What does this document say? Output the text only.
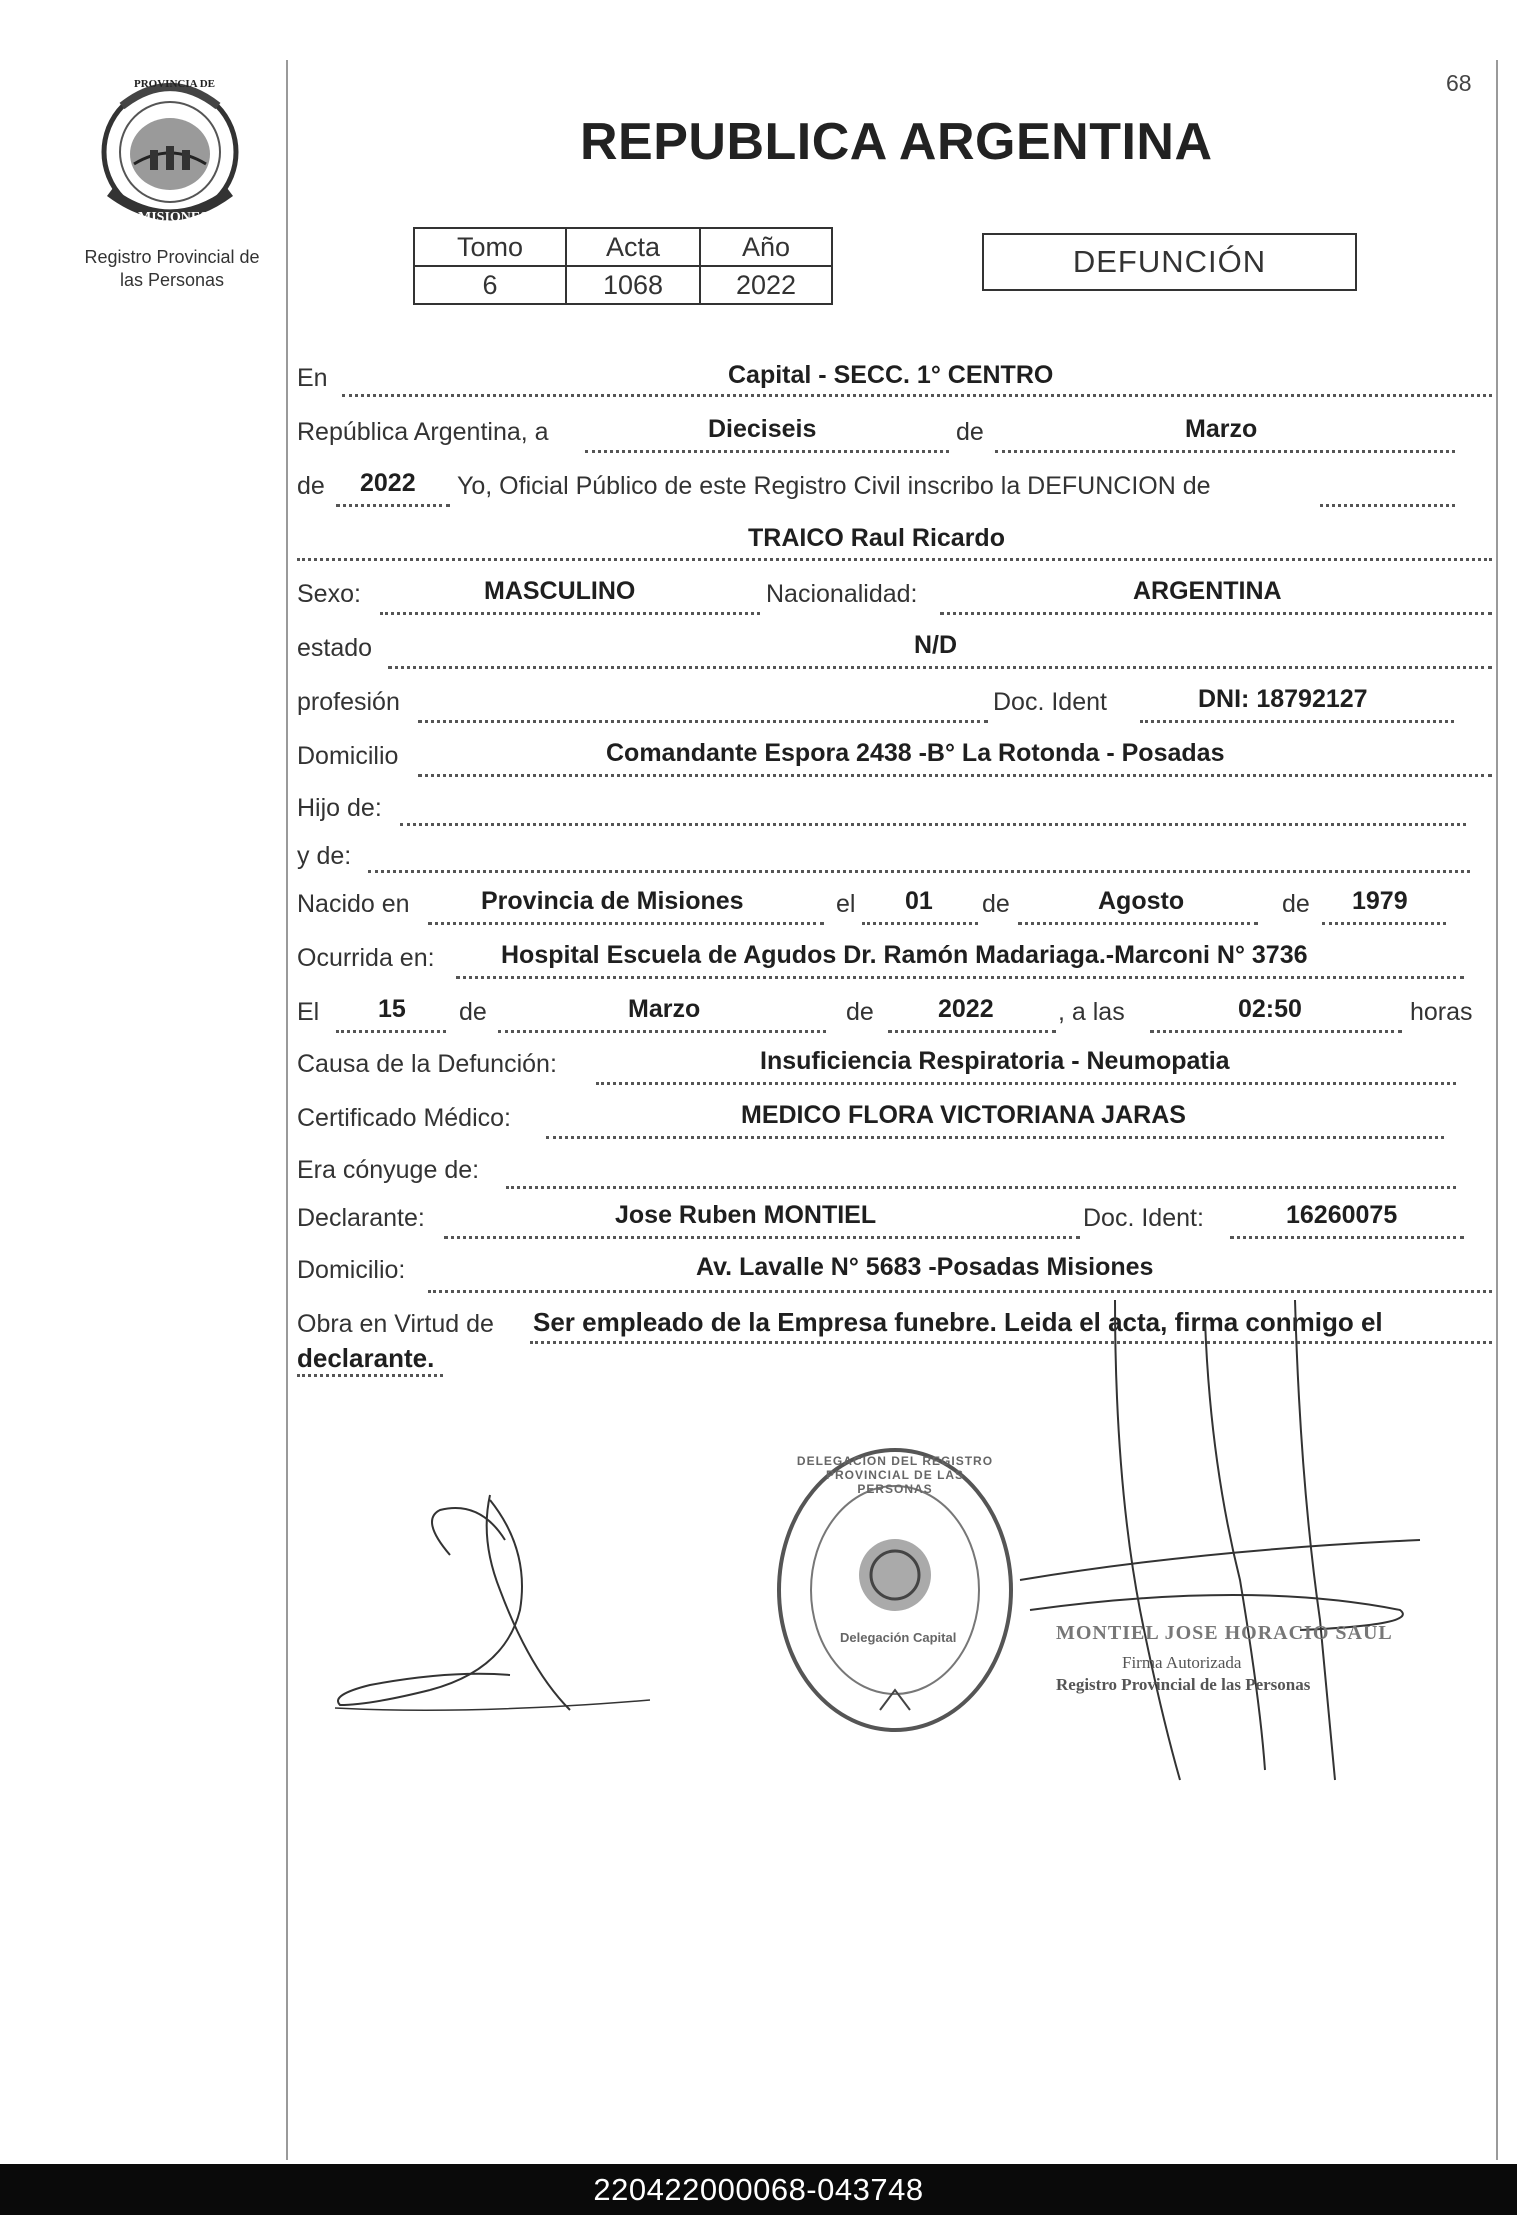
PROVINCIA DE
MISIONES
Registro Provincial de
las Personas
68
REPUBLICA ARGENTINA
Tomo	Acta	Año
6	1068	2022
DEFUNCIÓN
En	Capital - SECC. 1° CENTRO
República Argentina, a	Dieciseis	de	Marzo
de 2022 Yo, Oficial Público de este Registro Civil inscribo la DEFUNCION de
TRAICO Raul Ricardo
Sexo:	MASCULINO	Nacionalidad:	ARGENTINA
estado	N/D
profesión	Doc. Ident	DNI: 18792127
Domicilio	Comandante Espora 2438 -B° La Rotonda - Posadas
Hijo de:
y de:
Nacido en	Provincia de Misiones	el 01 de	Agosto	de 1979
Ocurrida en:	Hospital Escuela de Agudos Dr. Ramón Madariaga.-Marconi N° 3736
El 15 de	Marzo	de	2022	, a las	02:50	horas
Causa de la Defunción:	Insuficiencia Respiratoria - Neumopatia
Certificado Médico:	MEDICO FLORA VICTORIANA JARAS
Era cónyuge de:
Declarante:	Jose Ruben MONTIEL	Doc. Ident:	16260075
Domicilio:	Av. Lavalle N° 5683 -Posadas Misiones
Obra en Virtud de Ser empleado de la Empresa funebre. Leida el acta, firma conmigo el
declarante.
DELEGACION DEL REGISTRO PROVINCIAL DE LAS PERSONAS
Delegación Capital	MONTIEL JOSE HORACIO SAUL
Firma Autorizada
Registro Provincial de las Personas
220422000068-043748
